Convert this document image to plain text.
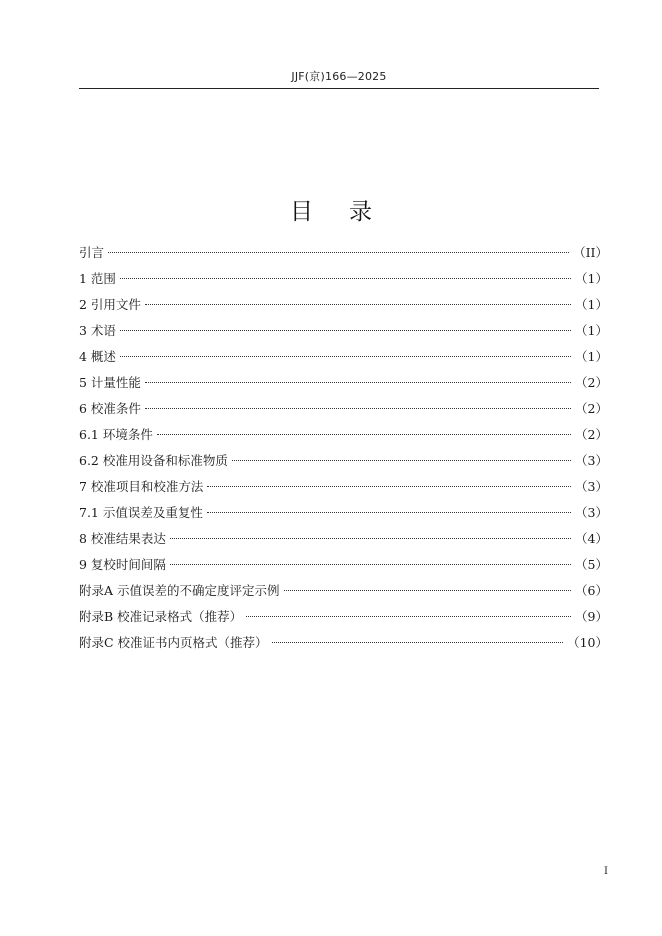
JJF(京)166—2025
目录
引言	（II）
1 范围	（1）
2 引用文件	（1）
3 术语	（1）
4 概述	（1）
5 计量性能	（2）
6 校准条件	（2）
6.1 环境条件	（2）
6.2 校准用设备和标准物质	（3）
7 校准项目和校准方法	（3）
7.1 示值误差及重复性	（3）
8 校准结果表达	（4）
9 复校时间间隔	（5）
附录A 示值误差的不确定度评定示例	（6）
附录B 校准记录格式（推荐）	（9）
附录C 校准证书内页格式（推荐）	（10）
I
